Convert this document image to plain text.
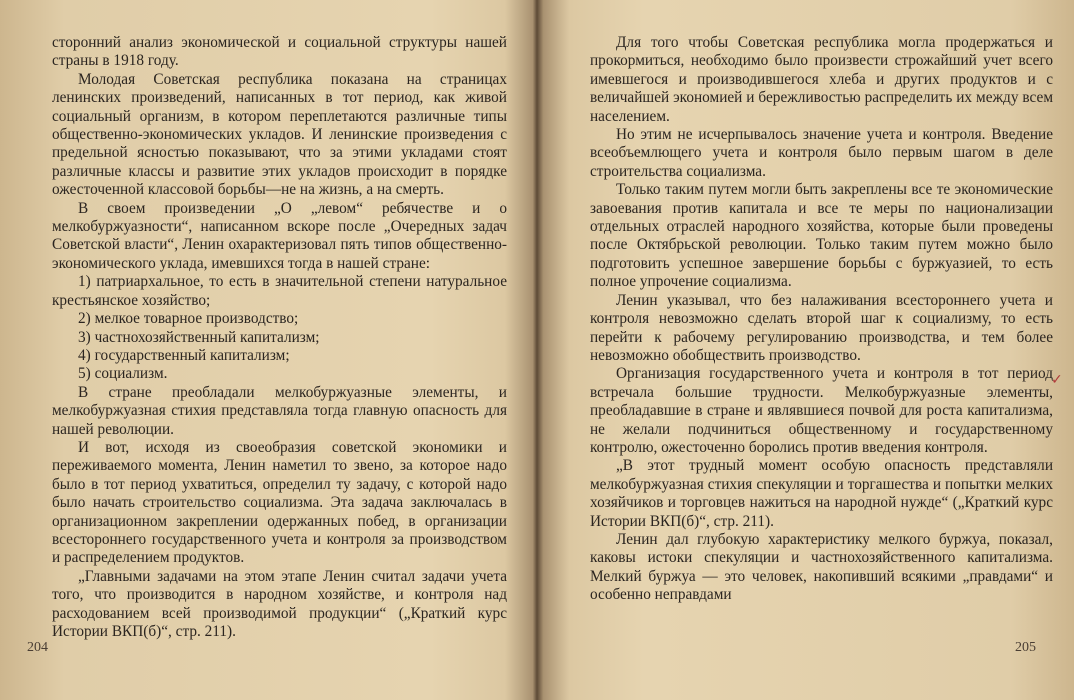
сторонний анализ экономической и социальной структуры нашей страны в 1918 году.

Молодая Советская республика показана на страницах ленинских произведений, написанных в тот период, как живой социальный организм, в котором переплетаются различные типы общественно-экономических укладов. И ленинские произведения с предельной ясностью показывают, что за этими укладами стоят различные классы и развитие этих укладов происходит в порядке ожесточенной классовой борьбы—не на жизнь, а на смерть.

В своем произведении „О „левом“ ребячестве и о мелкобуржуазности“, написанном вскоре после „Очередных задач Советской власти“, Ленин охарактеризовал пять типов общественно-экономического уклада, имевшихся тогда в нашей стране:

1) патриархальное, то есть в значительной степени натуральное крестьянское хозяйство;

2) мелкое товарное производство;

3) частнохозяйственный капитализм;

4) государственный капитализм;

5) социализм.

В стране преобладали мелкобуржуазные элементы, и мелкобуржуазная стихия представляла тогда главную опасность для нашей революции.

И вот, исходя из своеобразия советской экономики и переживаемого момента, Ленин наметил то звено, за которое надо было в тот период ухватиться, определил ту задачу, с которой надо было начать строительство социализма. Эта задача заключалась в организационном закреплении одержанных побед, в организации всестороннего государственного учета и контроля за производством и распределением продуктов.

„Главными задачами на этом этапе Ленин считал задачи учета того, что производится в народном хозяйстве, и контроля над расходованием всей производимой продукции“ („Краткий курс Истории ВКП(б)“, стр. 211).

204

Для того чтобы Советская республика могла продержаться и прокормиться, необходимо было произвести строжайший учет всего имевшегося и производившегося хлеба и других продуктов и с величайшей экономией и бережливостью распределить их между всем населением.

Но этим не исчерпывалось значение учета и контроля. Введение всеобъемлющего учета и контроля было первым шагом в деле строительства социализма.

Только таким путем могли быть закреплены все те экономические завоевания против капитала и все те меры по национализации отдельных отраслей народного хозяйства, которые были проведены после Октябрьской революции. Только таким путем можно было подготовить успешное завершение борьбы с буржуазией, то есть полное упрочение социализма.

Ленин указывал, что без налаживания всестороннего учета и контроля невозможно сделать второй шаг к социализму, то есть перейти к рабочему регулированию производства, и тем более невозможно обобществить производство.

Организация государственного учета и контроля в тот период встречала большие трудности. Мелкобуржуазные элементы, преобладавшие в стране и являвшиеся почвой для роста капитализма, не желали подчиниться общественному и государственному контролю, ожесточенно боролись против введения контроля.

„В этот трудный момент особую опасность представляли мелкобуржуазная стихия спекуляции и торгашества и попытки мелких хозяйчиков и торговцев нажиться на народной нужде“ („Краткий курс Истории ВКП(б)“, стр. 211).

Ленин дал глубокую характеристику мелкого буржуа, показал, каковы истоки спекуляции и частнохозяйственного капитализма. Мелкий буржуа — это человек, накопивший всякими „правдами“ и особенно неправдами

205
✓
